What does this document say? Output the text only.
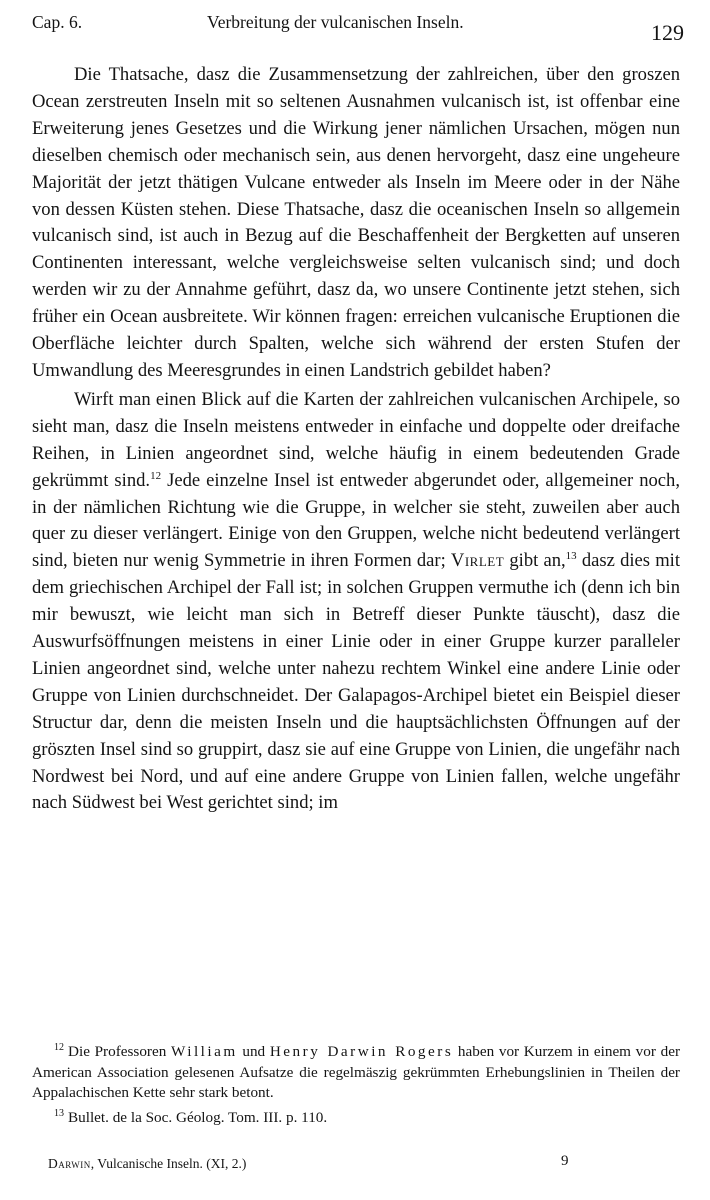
Cap. 6.	Verbreitung der vulcanischen Inseln.	129

Die Thatsache, dasz die Zusammensetzung der zahlreichen, über den groszen Ocean zerstreuten Inseln mit so seltenen Ausnahmen vulcanisch ist, ist offenbar eine Erweiterung jenes Gesetzes und die Wirkung jener nämlichen Ursachen, mögen nun dieselben chemisch oder mechanisch sein, aus denen hervorgeht, dasz eine ungeheure Majorität der jetzt thätigen Vulcane entweder als Inseln im Meere oder in der Nähe von dessen Küsten stehen. Diese Thatsache, dasz die oceanischen Inseln so allgemein vulcanisch sind, ist auch in Bezug auf die Beschaffenheit der Bergketten auf unseren Continenten interessant, welche vergleichsweise selten vulcanisch sind; und doch werden wir zu der Annahme geführt, dasz da, wo unsere Continente jetzt stehen, sich früher ein Ocean ausbreitete. Wir können fragen: erreichen vulcanische Eruptionen die Oberfläche leichter durch Spalten, welche sich während der ersten Stufen der Umwandlung des Meeresgrundes in einen Landstrich gebildet haben?

Wirft man einen Blick auf die Karten der zahlreichen vulcanischen Archipele, so sieht man, dasz die Inseln meistens entweder in einfache und doppelte oder dreifache Reihen, in Linien angeordnet sind, welche häufig in einem bedeutenden Grade gekrümmt sind.$^{12}$ Jede einzelne Insel ist entweder abgerundet oder, allgemeiner noch, in der nämlichen Richtung wie die Gruppe, in welcher sie steht, zuweilen aber auch quer zu dieser verlängert. Einige von den Gruppen, welche nicht bedeutend verlängert sind, bieten nur wenig Symmetrie in ihren Formen dar; Virlet gibt an,$^{13}$ dasz dies mit dem griechischen Archipel der Fall ist; in solchen Gruppen vermuthe ich (denn ich bin mir bewuszt, wie leicht man sich in Betreff dieser Punkte täuscht), dasz die Auswurfsöffnungen meistens in einer Linie oder in einer Gruppe kurzer paralleler Linien angeordnet sind, welche unter nahezu rechtem Winkel eine andere Linie oder Gruppe von Linien durchschneidet. Der Galapagos-Archipel bietet ein Beispiel dieser Structur dar, denn die meisten Inseln und die hauptsächlichsten Öffnungen auf der gröszten Insel sind so gruppirt, dasz sie auf eine Gruppe von Linien, die ungefähr nach Nordwest bei Nord, und auf eine andere Gruppe von Linien fallen, welche ungefähr nach Südwest bei West gerichtet sind; im

$^{12}$ Die Professoren William und Henry Darwin Rogers haben vor Kurzem in einem vor der American Association gelesenen Aufsatze die regelmäszig gekrümmten Erhebungslinien in Theilen der Appalachischen Kette sehr stark betont.

$^{13}$ Bullet. de la Soc. Géolog. Tom. III. p. 110.

Darwin, Vulcanische Inseln. (XI, 2.)	9
